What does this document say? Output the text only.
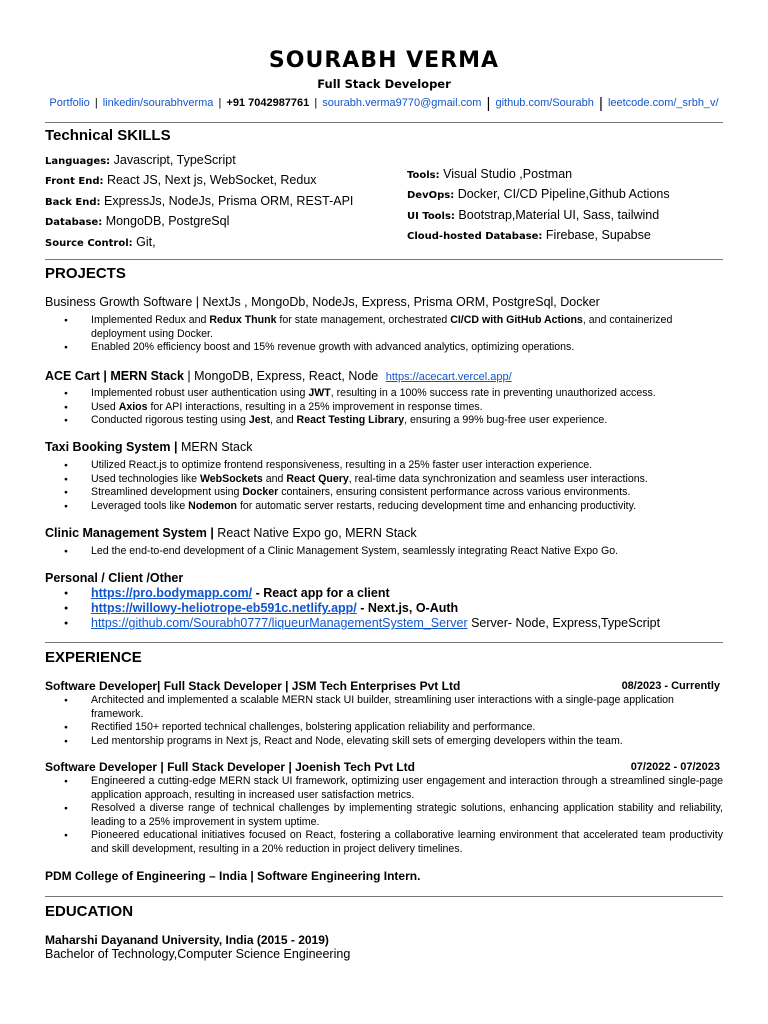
SOURABH VERMA
Full Stack Developer
Portfolio | linkedin/sourabhverma | +91 7042987761 | sourabh.verma9770@gmail.com | github.com/Sourabh | leetcode.com/_srbh_v/
Technical SKILLS
Languages: Javascript, TypeScript
Front End: React JS, Next js, WebSocket, Redux
Back End: ExpressJs, NodeJs, Prisma ORM, REST-API
Database: MongoDB, PostgreSql
Source Control: Git,
Tools: Visual Studio ,Postman
DevOps: Docker, CI/CD Pipeline,Github Actions
UI Tools: Bootstrap,Material UI, Sass, tailwind
Cloud-hosted Database: Firebase, Supabse
PROJECTS
Business Growth Software | NextJs , MongoDb, NodeJs, Express, Prisma ORM, PostgreSql, Docker
● Implemented Redux and Redux Thunk for state management, orchestrated CI/CD with GitHub Actions, and containerized deployment using Docker.
● Enabled 20% efficiency boost and 15% revenue growth with advanced analytics, optimizing operations.
ACE Cart | MERN Stack | MongoDB, Express, React, Node https://acecart.vercel.app/
● Implemented robust user authentication using JWT, resulting in a 100% success rate in preventing unauthorized access.
● Used Axios for API interactions, resulting in a 25% improvement in response times.
● Conducted rigorous testing using Jest, and React Testing Library, ensuring a 99% bug-free user experience.
Taxi Booking System | MERN Stack
● Utilized React.js to optimize frontend responsiveness, resulting in a 25% faster user interaction experience.
● Used technologies like WebSockets and React Query, real-time data synchronization and seamless user interactions.
● Streamlined development using Docker containers, ensuring consistent performance across various environments.
● Leveraged tools like Nodemon for automatic server restarts, reducing development time and enhancing productivity.
Clinic Management System | React Native Expo go, MERN Stack
● Led the end-to-end development of a Clinic Management System, seamlessly integrating React Native Expo Go.
Personal / Client /Other
● https://pro.bodymapp.com/ - React app for a client
● https://willowy-heliotrope-eb591c.netlify.app/ - Next.js, O-Auth
● https://github.com/Sourabh0777/liqueurManagementSystem_Server Server- Node, Express,TypeScript
EXPERIENCE
Software Developer| Full Stack Developer | JSM Tech Enterprises Pvt Ltd	08/2023 - Currently
● Architected and implemented a scalable MERN stack UI builder, streamlining user interactions with a single-page application framework.
● Rectified 150+ reported technical challenges, bolstering application reliability and performance.
● Led mentorship programs in Next js, React and Node, elevating skill sets of emerging developers within the team.
Software Developer | Full Stack Developer | Joenish Tech Pvt Ltd	07/2022 - 07/2023
● Engineered a cutting-edge MERN stack UI framework, optimizing user engagement and interaction through a streamlined single-page application approach, resulting in increased user satisfaction metrics.
● Resolved a diverse range of technical challenges by implementing strategic solutions, enhancing application stability and reliability, leading to a 25% improvement in system uptime.
● Pioneered educational initiatives focused on React, fostering a collaborative learning environment that accelerated team productivity and skill development, resulting in a 20% reduction in project delivery timelines.
PDM College of Engineering – India | Software Engineering Intern.
EDUCATION
Maharshi Dayanand University, India (2015 - 2019)
Bachelor of Technology,Computer Science Engineering
